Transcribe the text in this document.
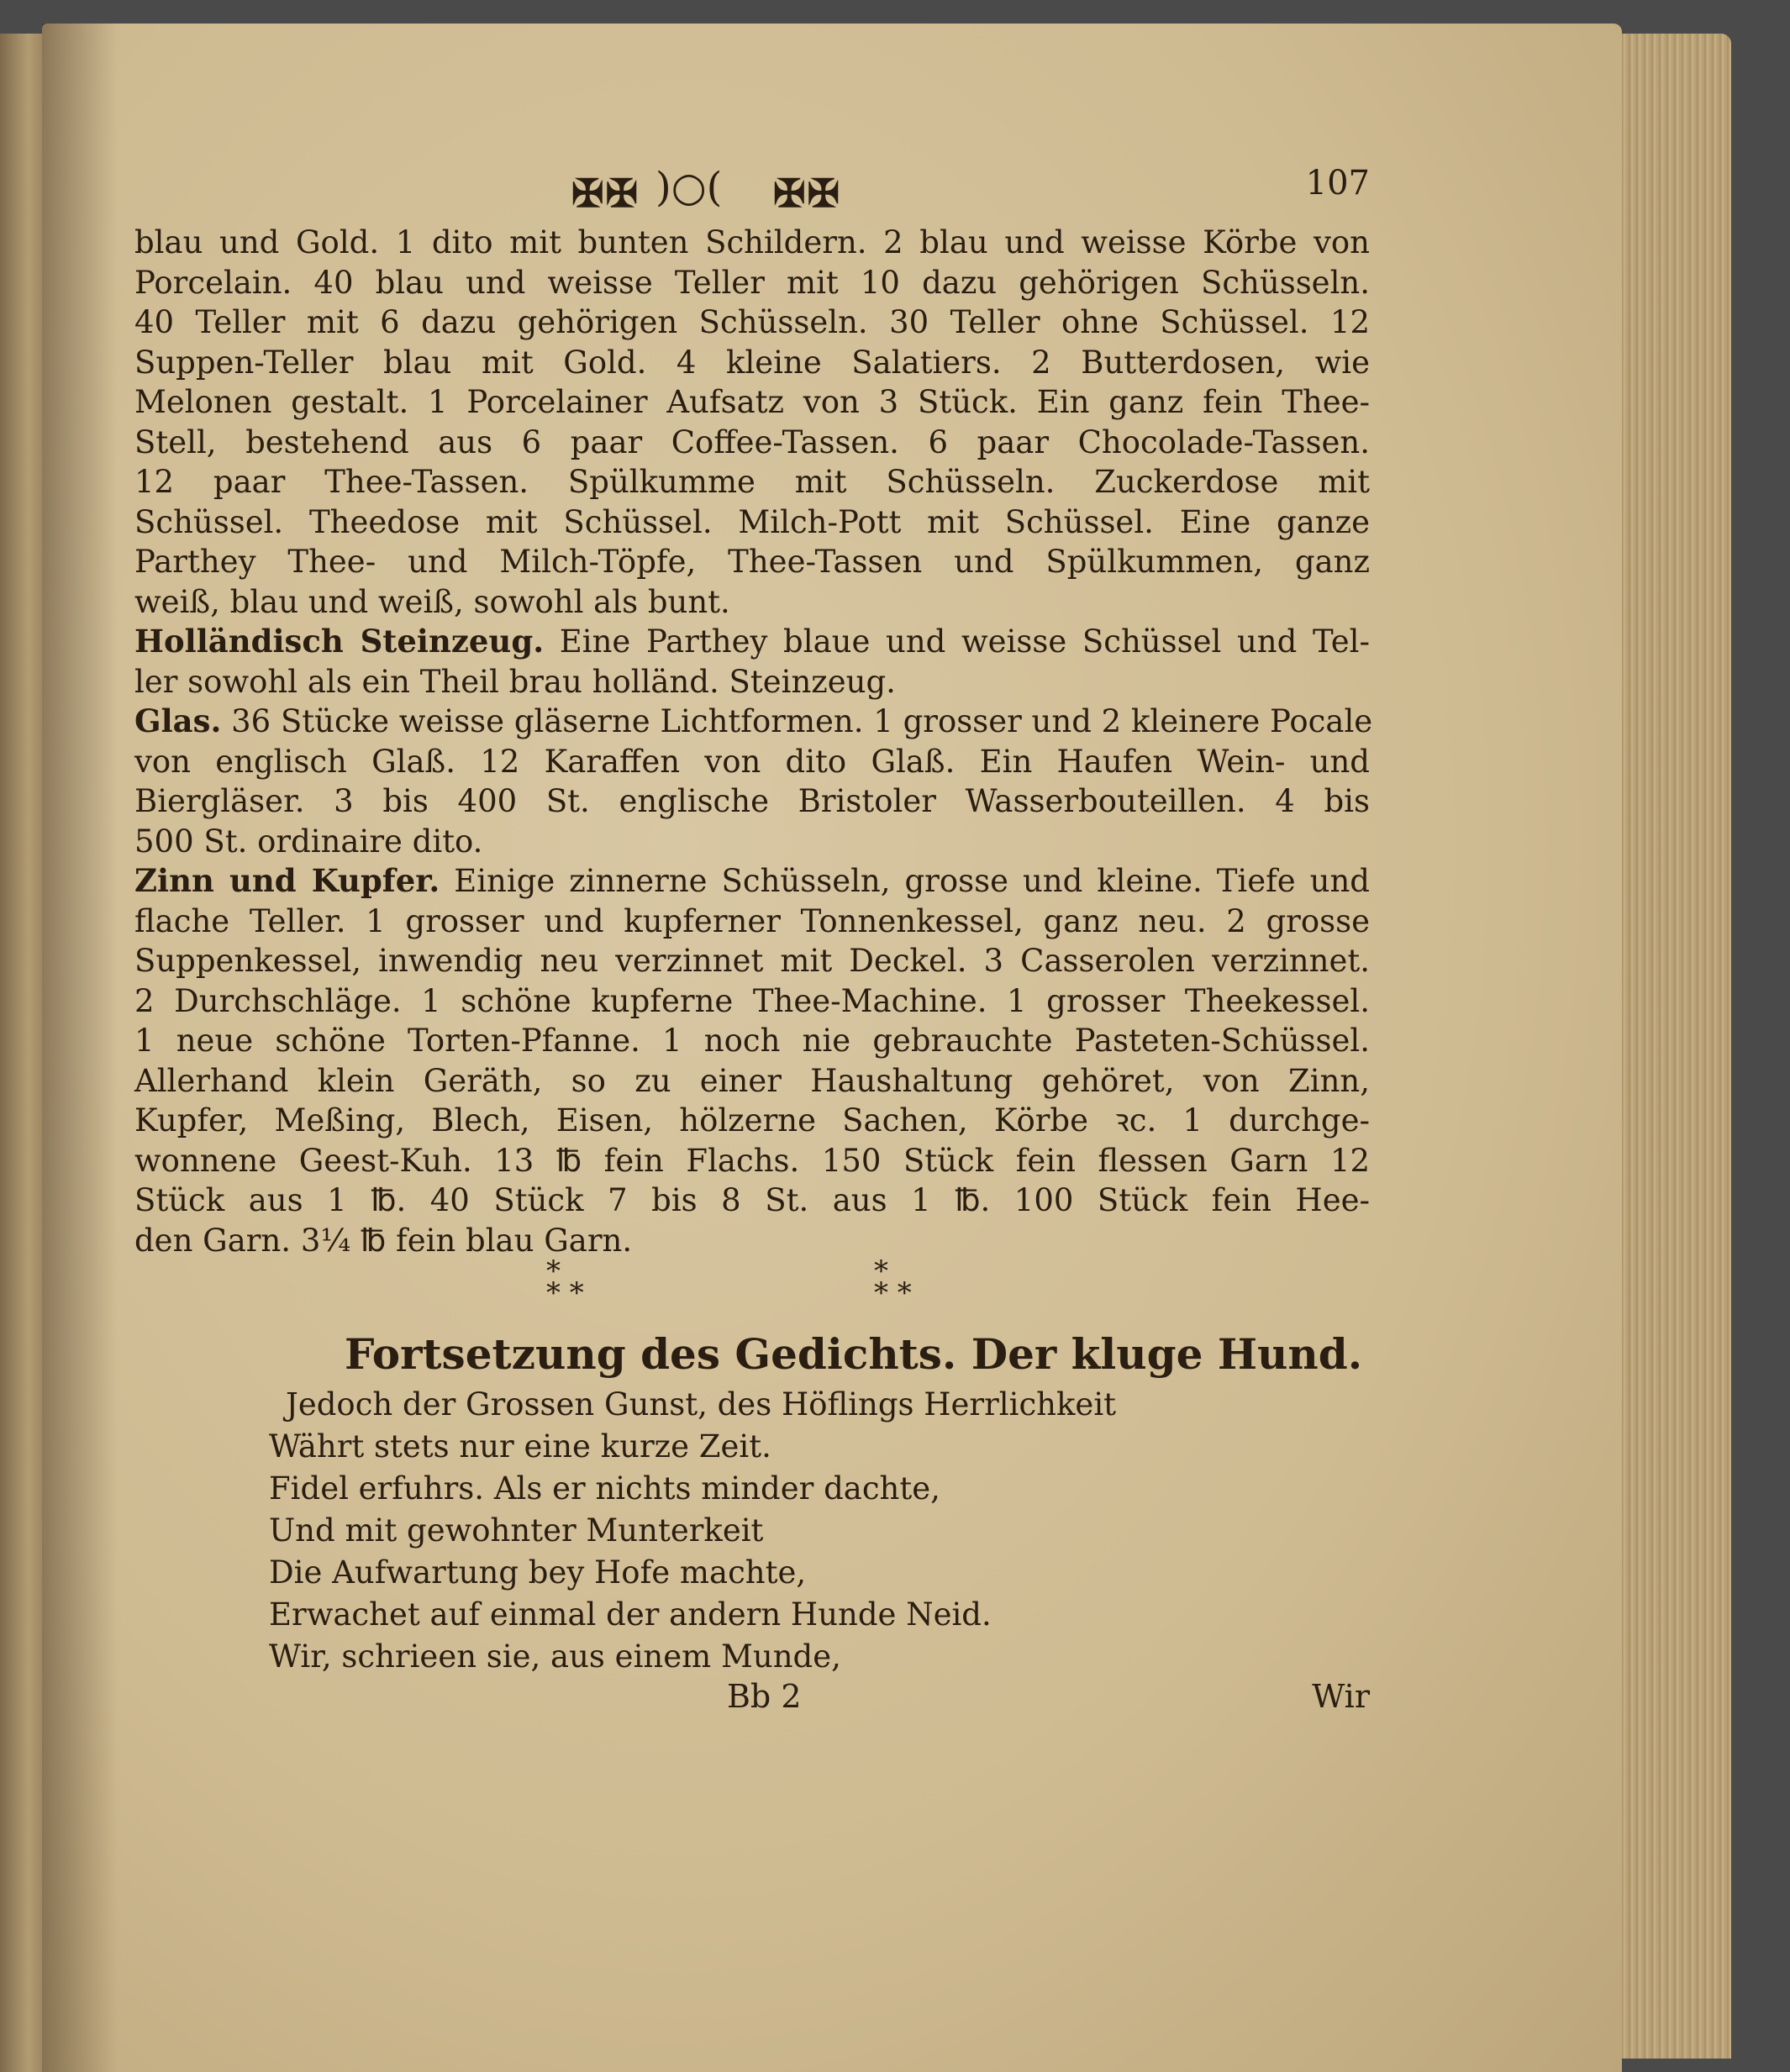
✠✠ )○( ✠✠	107

blau und Gold. 1 dito mit bunten Schildern. 2 blau und weisse Körbe von

Porcelain. 40 blau und weisse Teller mit 10 dazu gehörigen Schüsseln.

40 Teller mit 6 dazu gehörigen Schüsseln. 30 Teller ohne Schüssel. 12

Suppen-Teller blau mit Gold. 4 kleine Salatiers. 2 Butterdosen, wie

Melonen gestalt. 1 Porcelainer Aufsatz von 3 Stück. Ein ganz fein Thee-

Stell, bestehend aus 6 paar Coffee-Tassen. 6 paar Chocolade-Tassen.

12 paar Thee-Tassen. Spülkumme mit Schüsseln. Zuckerdose mit

Schüssel. Theedose mit Schüssel. Milch-Pott mit Schüssel. Eine ganze

Parthey Thee- und Milch-Töpfe, Thee-Tassen und Spülkummen, ganz

weiß, blau und weiß, sowohl als bunt.

Holländisch Steinzeug. Eine Parthey blaue und weisse Schüssel und Tel-

ler sowohl als ein Theil brau holländ. Steinzeug.

Glas. 36 Stücke weisse gläserne Lichtformen. 1 grosser und 2 kleinere Pocale

von englisch Glaß. 12 Karaffen von dito Glaß. Ein Haufen Wein- und

Biergläser. 3 bis 400 St. englische Bristoler Wasserbouteillen. 4 bis

500 St. ordinaire dito.

Zinn und Kupfer. Einige zinnerne Schüsseln, grosse und kleine. Tiefe und

flache Teller. 1 grosser und kupferner Tonnenkessel, ganz neu. 2 grosse

Suppenkessel, inwendig neu verzinnet mit Deckel. 3 Casserolen verzinnet.

2 Durchschläge. 1 schöne kupferne Thee-Machine. 1 grosser Theekessel.

1 neue schöne Torten-Pfanne. 1 noch nie gebrauchte Pasteten-Schüssel.

Allerhand klein Geräth, so zu einer Haushaltung gehöret, von Zinn,

Kupfer, Meßing, Blech, Eisen, hölzerne Sachen, Körbe ꝛc. 1 durchge-

wonnene Geest-Kuh. 13 ℔ fein Flachs. 150 Stück fein flessen Garn 12

Stück aus 1 ℔. 40 Stück 7 bis 8 St. aus 1 ℔. 100 Stück fein Hee-

den Garn. 3¼ ℔ fein blau Garn.

*
* *
*
* *
Fortsetzung des Gedichts. Der kluge Hund.

Jedoch der Grossen Gunst, des Höflings Herrlichkeit

Währt stets nur eine kurze Zeit.

Fidel erfuhrs. Als er nichts minder dachte,

Und mit gewohnter Munterkeit

Die Aufwartung bey Hofe machte,

Erwachet auf einmal der andern Hunde Neid.

Wir, schrieen sie, aus einem Munde,

Bb 2	Wir
